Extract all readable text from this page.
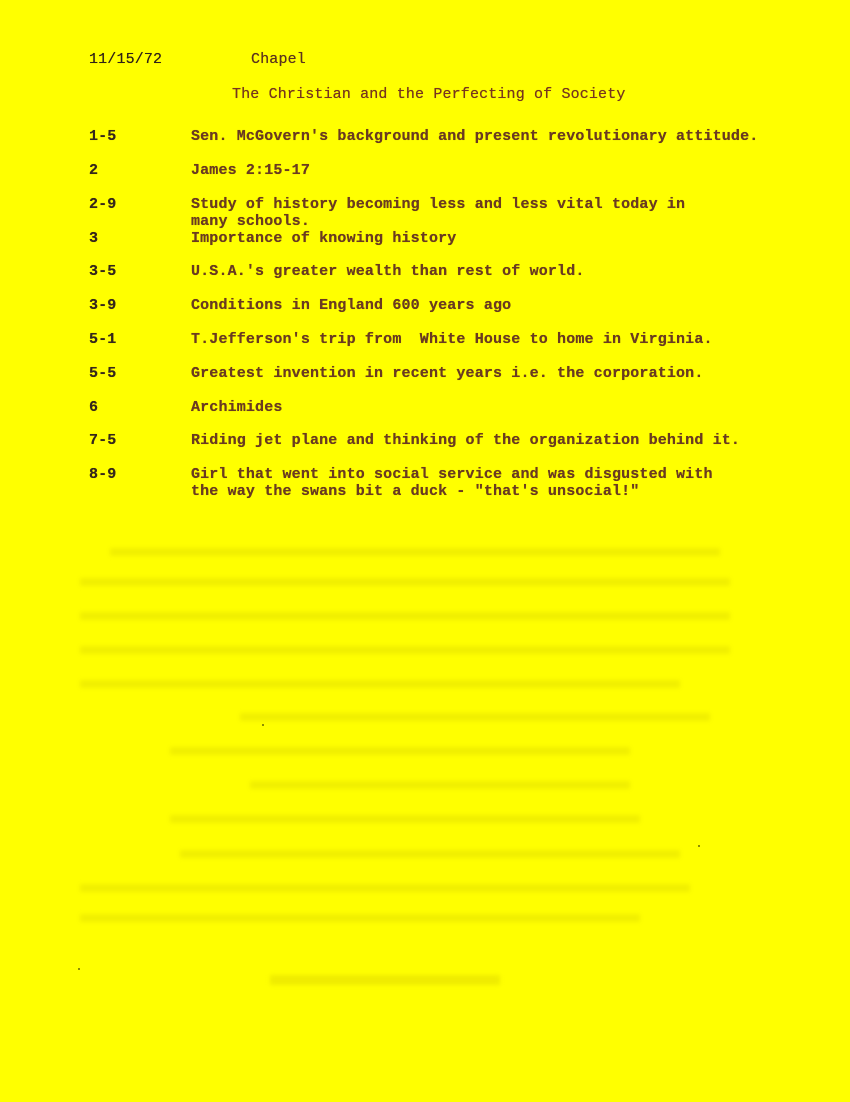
11/15/72	Chapel
The Christian and the Perfecting of Society
1-5	Sen. McGovern's background and present revolutionary attitude.
2	James 2:15-17
2-9	Study of history becoming less and less vital today in
many schools.
3	Importance of knowing history
3-5	U.S.A.'s greater wealth than rest of world.
3-9	Conditions in England 600 years ago
5-1	T.Jefferson's trip from  White House to home in Virginia.
5-5	Greatest invention in recent years i.e. the corporation.
6	Archimides
7-5	Riding jet plane and thinking of the organization behind it.
8-9	Girl that went into social service and was disgusted with
the way the swans bit a duck - "that's unsocial!"
